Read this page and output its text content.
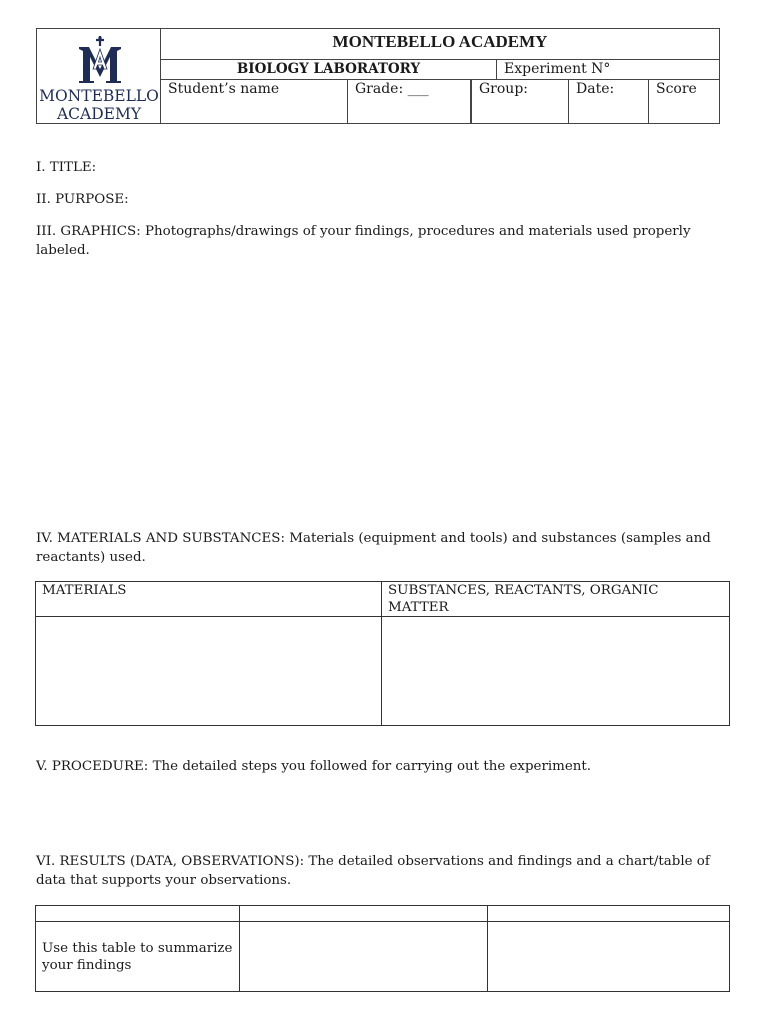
MONTEBELLO
ACADEMY
MONTEBELLO ACADEMY
BIOLOGY LABORATORY	Experiment N°
Student’s name	Grade: ___	Group:	Date:	Score
I. TITLE:
II. PURPOSE:
III. GRAPHICS: Photographs/drawings of your findings, procedures and materials used properly labeled.
IV. MATERIALS AND SUBSTANCES: Materials (equipment and tools) and substances (samples and reactants) used.
MATERIALS	SUBSTANCES, REACTANTS, ORGANIC MATTER

V. PROCEDURE: The detailed steps you followed for carrying out the experiment.
VI. RESULTS (DATA, OBSERVATIONS): The detailed observations and findings and a chart/table of data that supports your observations.

Use this table to summarize your findings		
